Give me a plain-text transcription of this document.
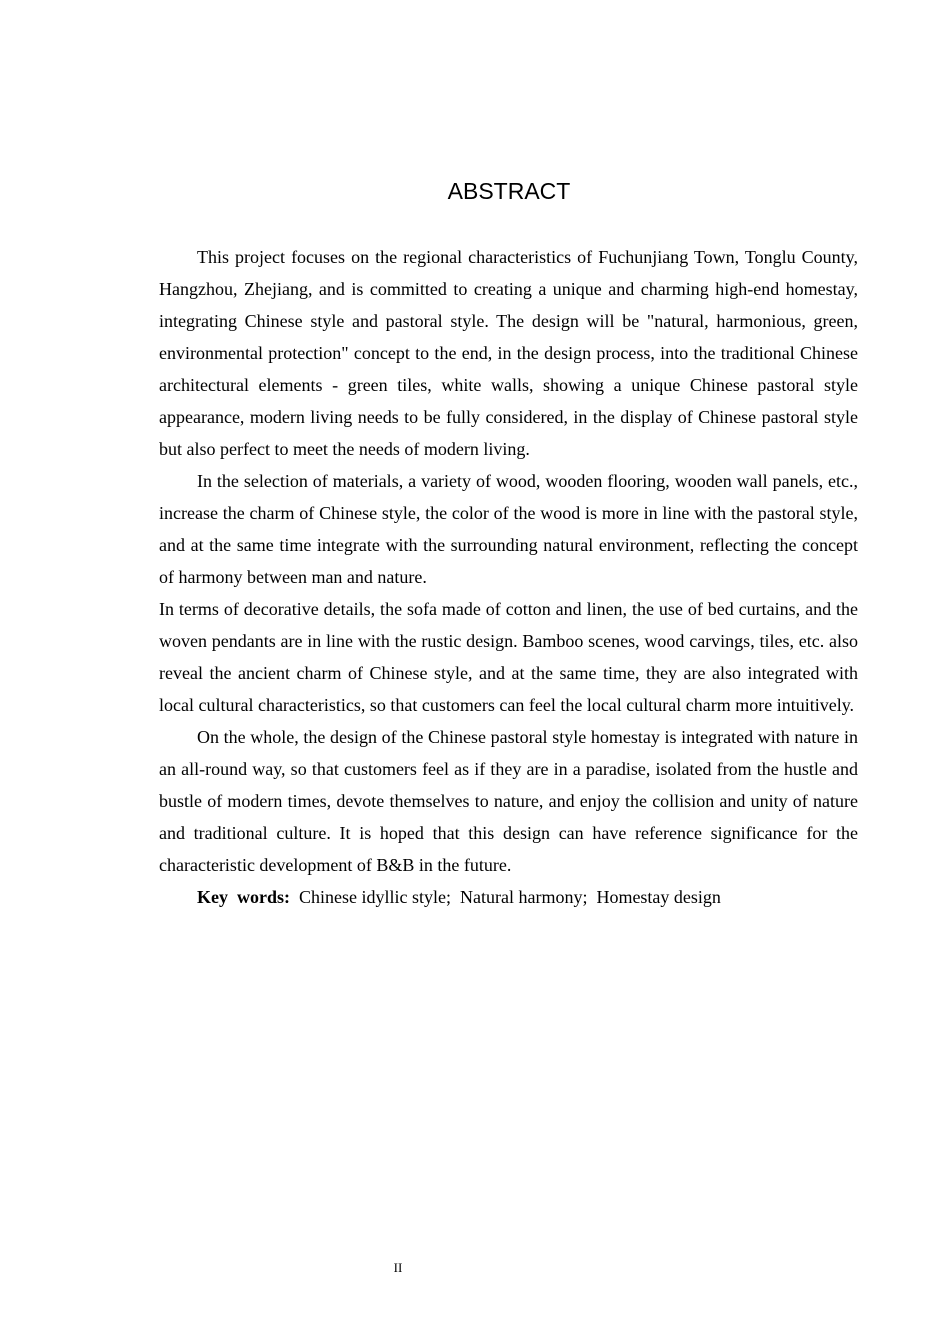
ABSTRACT

This project focuses on the regional characteristics of Fuchunjiang Town, Tonglu County, Hangzhou, Zhejiang, and is committed to creating a unique and charming high-end homestay, integrating Chinese style and pastoral style. The design will be "natural, harmonious, green, environmental protection" concept to the end, in the design process, into the traditional Chinese architectural elements - green tiles, white walls, showing a unique Chinese pastoral style appearance, modern living needs to be fully considered, in the display of Chinese pastoral style but also perfect to meet the needs of modern living.

In the selection of materials, a variety of wood, wooden flooring, wooden wall panels, etc., increase the charm of Chinese style, the color of the wood is more in line with the pastoral style, and at the same time integrate with the surrounding natural environment, reflecting the concept of harmony between man and nature.

In terms of decorative details, the sofa made of cotton and linen, the use of bed curtains, and the woven pendants are in line with the rustic design. Bamboo scenes, wood carvings, tiles, etc. also reveal the ancient charm of Chinese style, and at the same time, they are also integrated with local cultural characteristics, so that customers can feel the local cultural charm more intuitively.

On the whole, the design of the Chinese pastoral style homestay is integrated with nature in an all-round way, so that customers feel as if they are in a paradise, isolated from the hustle and bustle of modern times, devote themselves to nature, and enjoy the collision and unity of nature and traditional culture. It is hoped that this design can have reference significance for the characteristic development of B&B in the future.

Key  words:  Chinese idyllic style;  Natural harmony;  Homestay design

II
